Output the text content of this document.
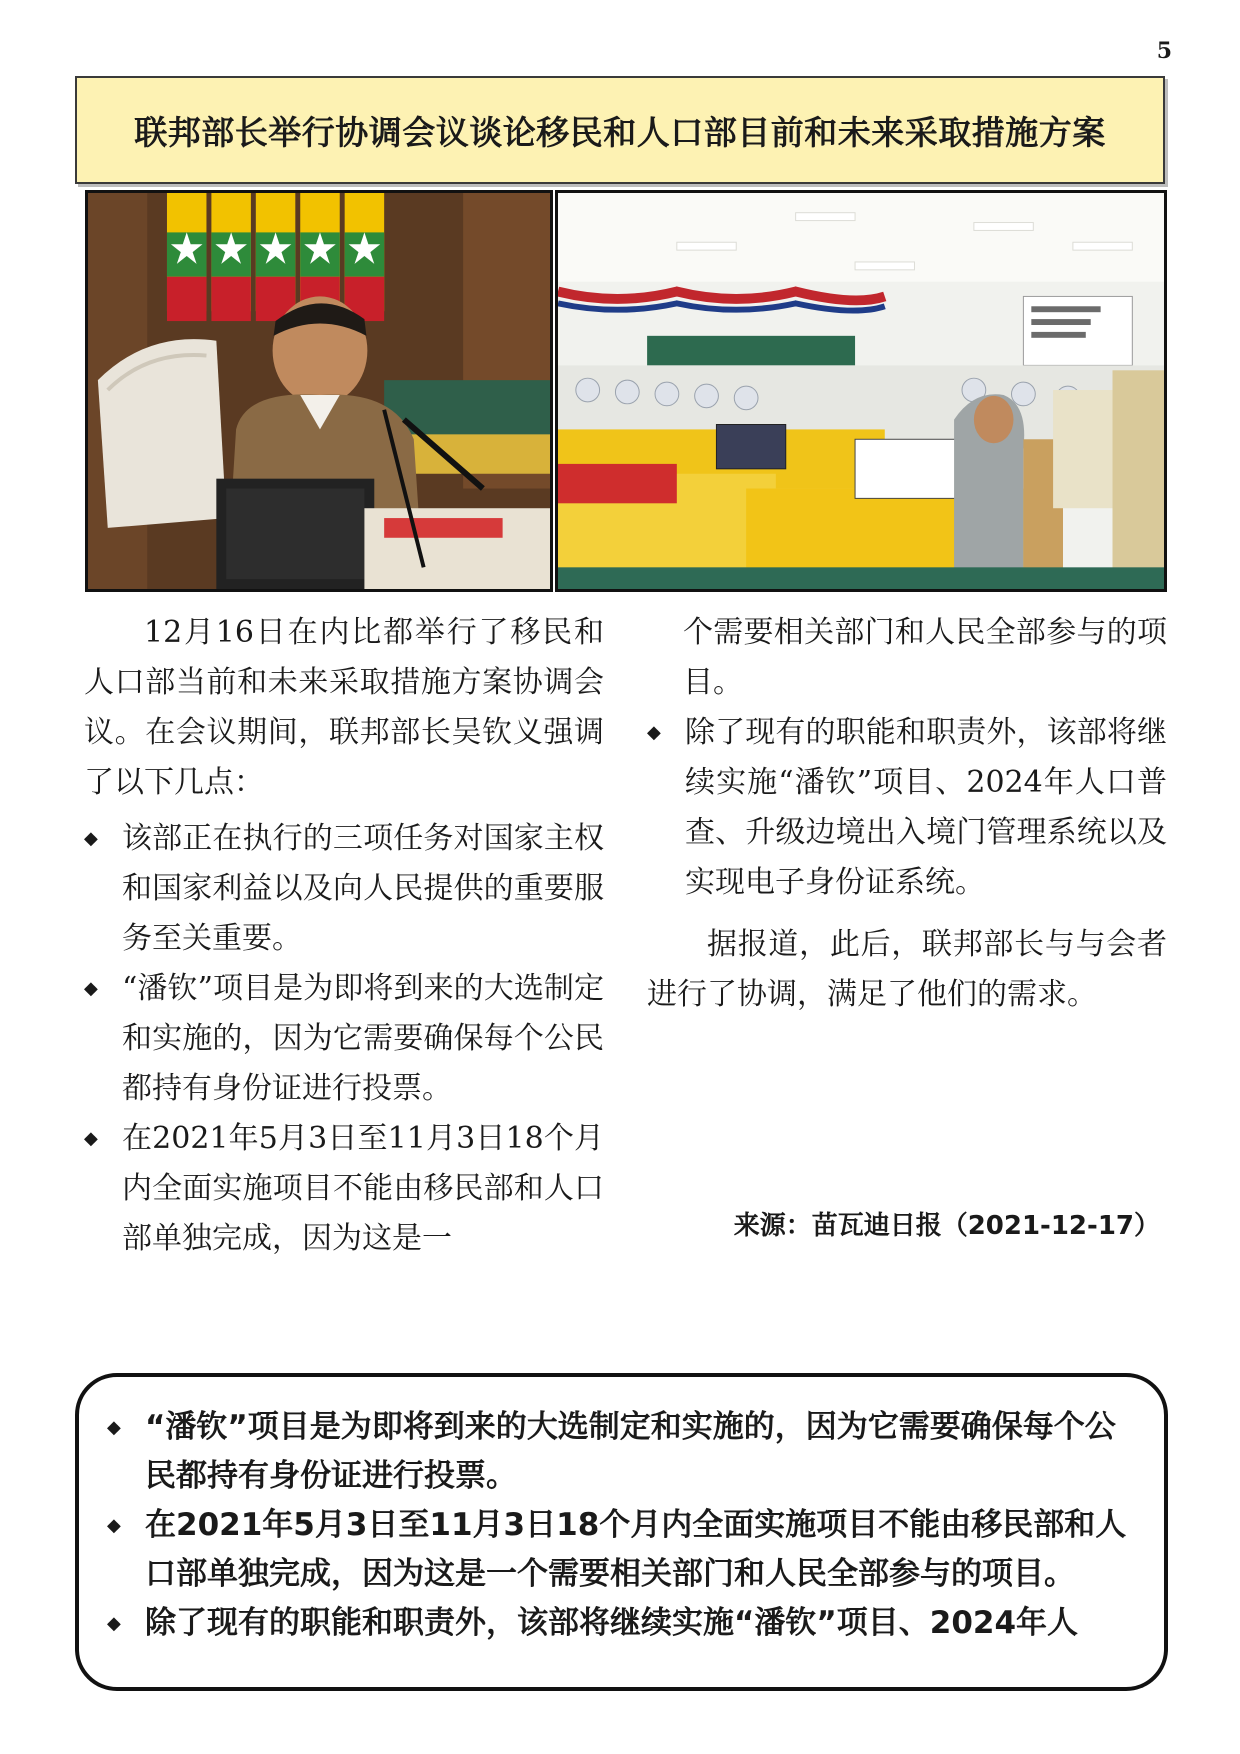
5
联邦部长举行协调会议谈论移民和人口部目前和未来采取措施方案

12月16日在内比都举行了移民和人口部当前和未来采取措施方案协调会议。在会议期间，联邦部长吴钦义强调了以下几点：

◆ 该部正在执行的三项任务对国家主权和国家利益以及向人民提供的重要服务至关重要。
◆ “潘钦”项目是为即将到来的大选制定和实施的，因为它需要确保每个公民都持有身份证进行投票。
◆ 在2021年5月3日至11月3日18个月内全面实施项目不能由移民部和人口部单独完成，因为这是一

个需要相关部门和人民全部参与的项目。

◆ 除了现有的职能和职责外，该部将继续实施“潘钦”项目、2024年人口普查、升级边境出入境门管理系统以及实现电子身份证系统。

据报道，此后，联邦部长与与会者进行了协调，满足了他们的需求。

来源：苗瓦迪日报（2021-12-17）
◆ “潘钦”项目是为即将到来的大选制定和实施的，因为它需要确保每个公民都持有身份证进行投票。
◆ 在2021年5月3日至11月3日18个月内全面实施项目不能由移民部和人口部单独完成，因为这是一个需要相关部门和人民全部参与的项目。
◆ 除了现有的职能和职责外，该部将继续实施“潘钦”项目、2024年人
